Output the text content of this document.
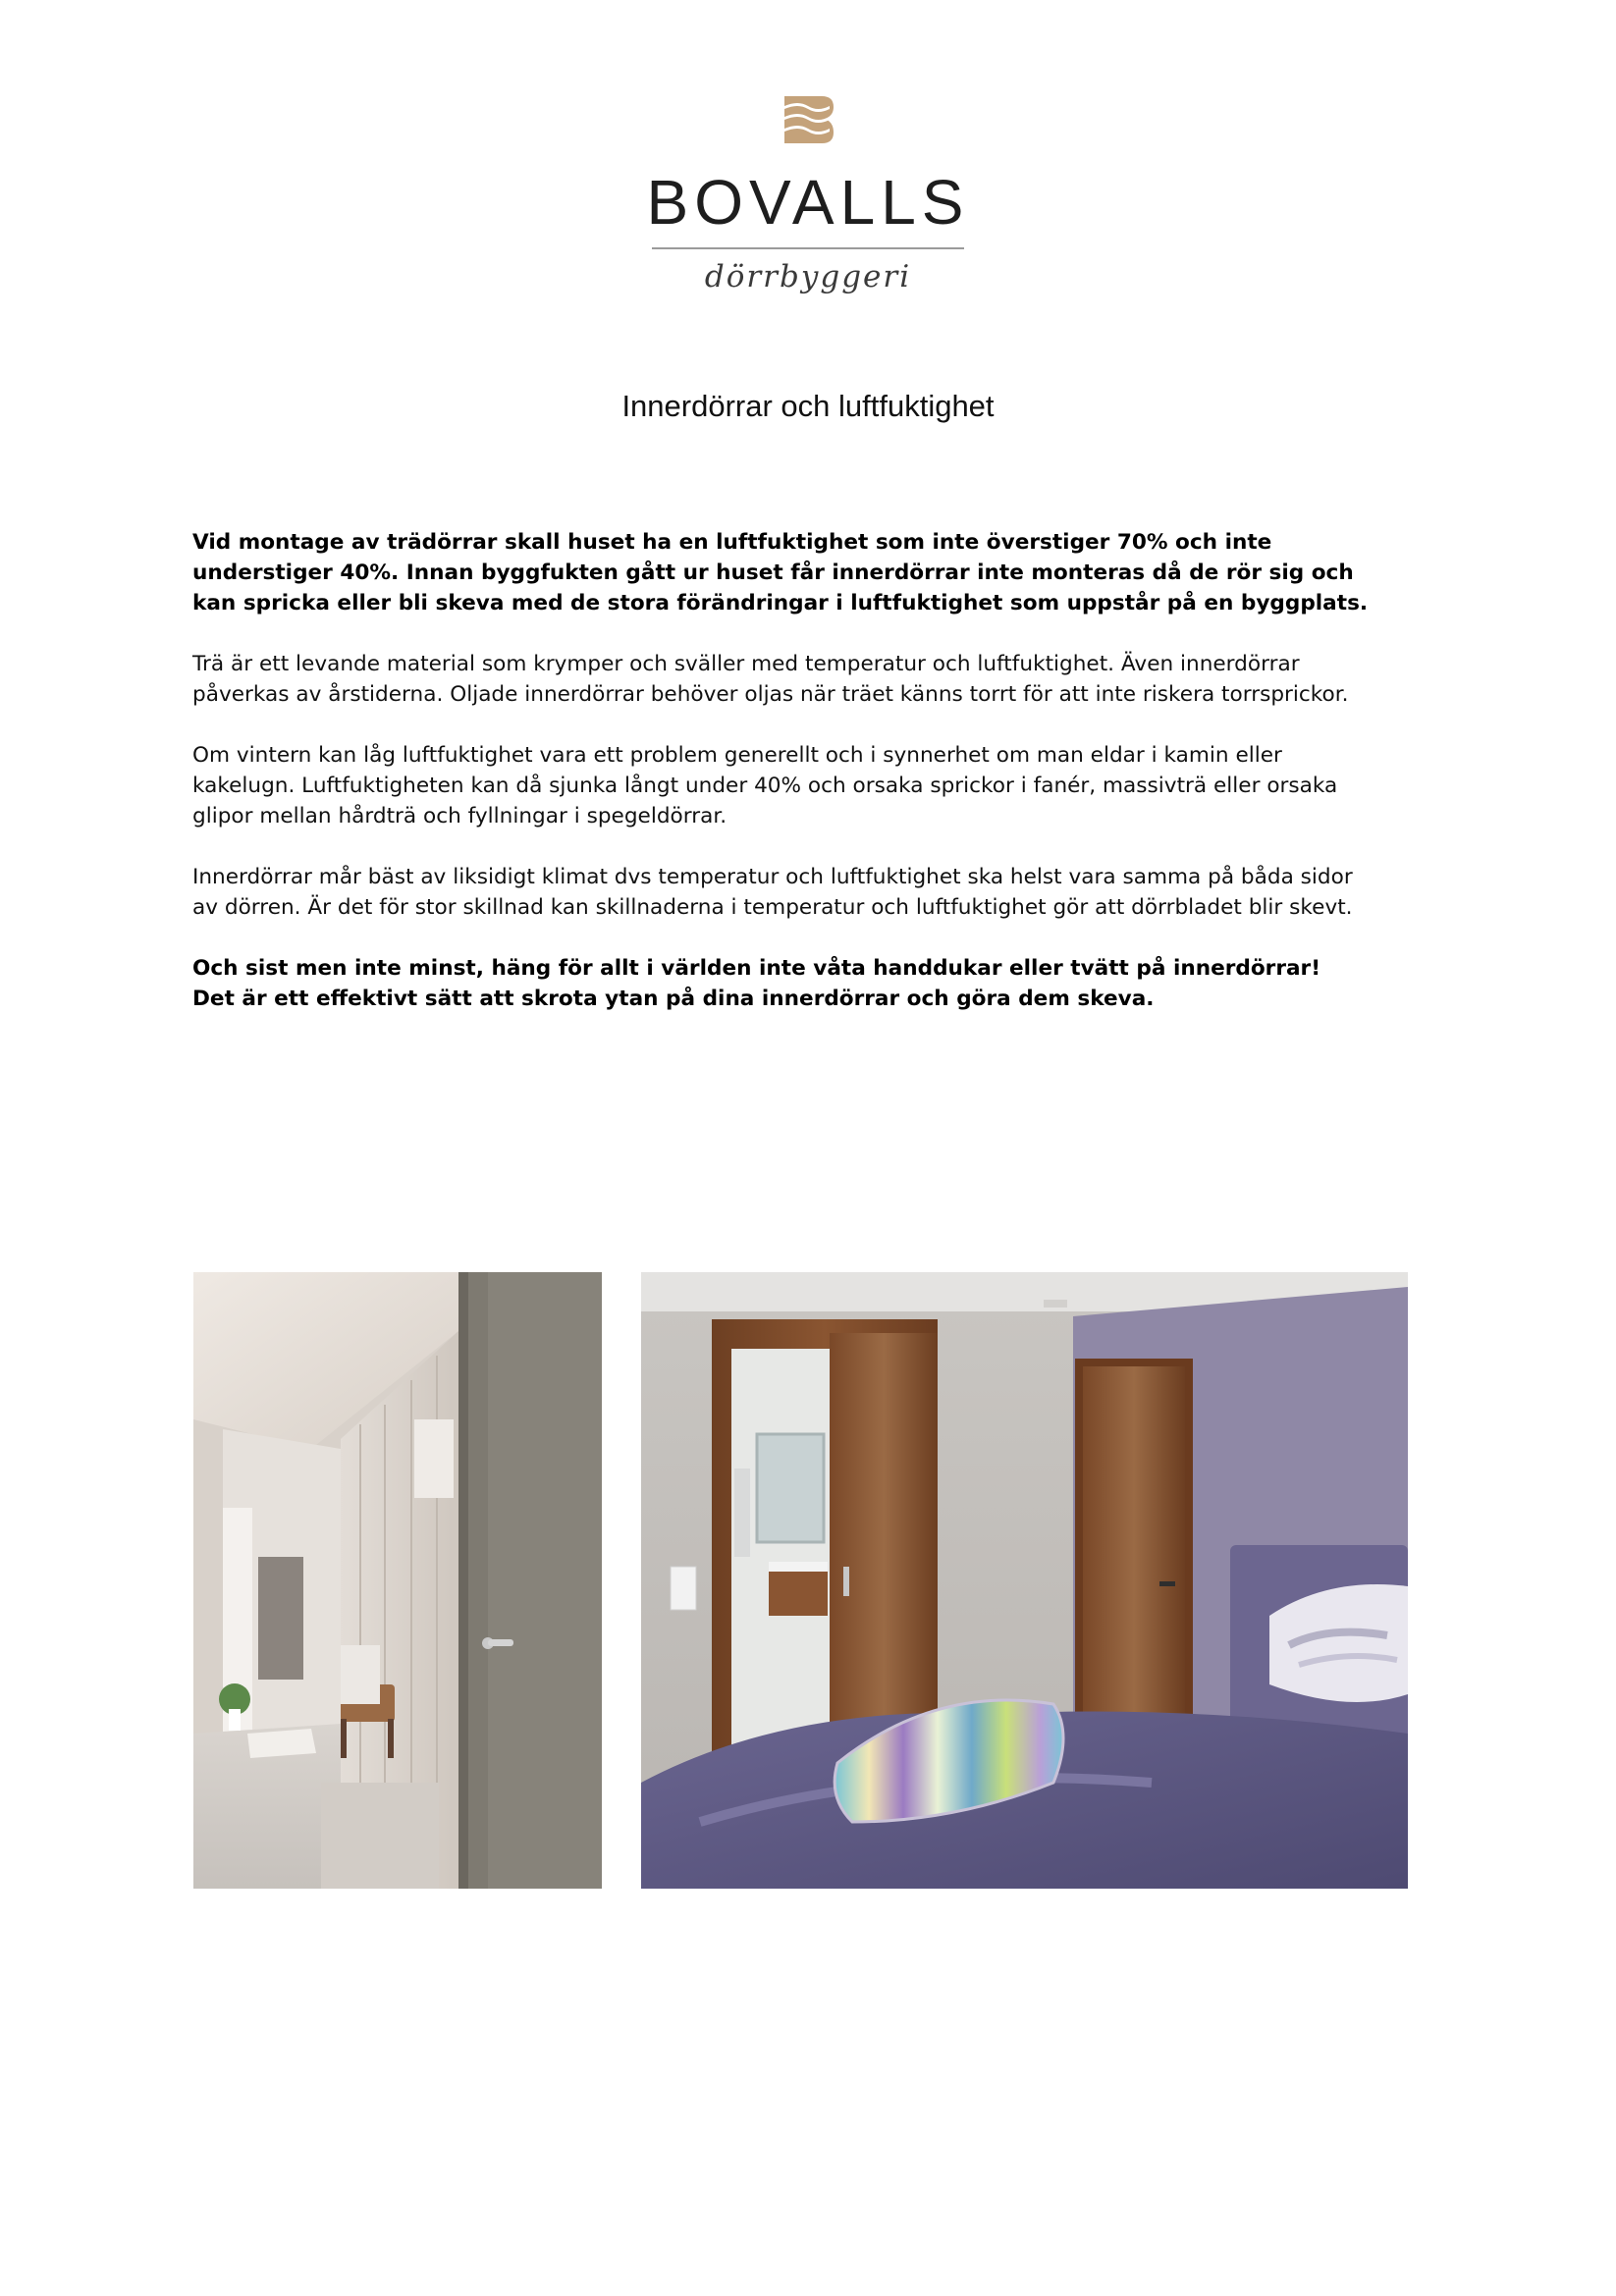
BOVALLS
dörrbyggeri
Innerdörrar och luftfuktighet

Vid montage av trädörrar skall huset ha en luftfuktighet som inte överstiger 70% och inte
understiger 40%. Innan byggfukten gått ur huset får innerdörrar inte monteras då de rör sig och
kan spricka eller bli skeva med de stora förändringar i luftfuktighet som uppstår på en byggplats.

Trä är ett levande material som krymper och sväller med temperatur och luftfuktighet. Även innerdörrar
påverkas av årstiderna. Oljade innerdörrar behöver oljas när träet känns torrt för att inte riskera torrsprickor.

Om vintern kan låg luftfuktighet vara ett problem generellt och i synnerhet om man eldar i kamin eller
kakelugn. Luftfuktigheten kan då sjunka långt under 40% och orsaka sprickor i fanér, massivträ eller orsaka
glipor mellan hårdträ och fyllningar i spegeldörrar.

Innerdörrar mår bäst av liksidigt klimat dvs temperatur och luftfuktighet ska helst vara samma på båda sidor
av dörren. Är det för stor skillnad kan skillnaderna i temperatur och luftfuktighet gör att dörrbladet blir skevt.

Och sist men inte minst, häng för allt i världen inte våta handdukar eller tvätt på innerdörrar!
Det är ett effektivt sätt att skrota ytan på dina innerdörrar och göra dem skeva.
